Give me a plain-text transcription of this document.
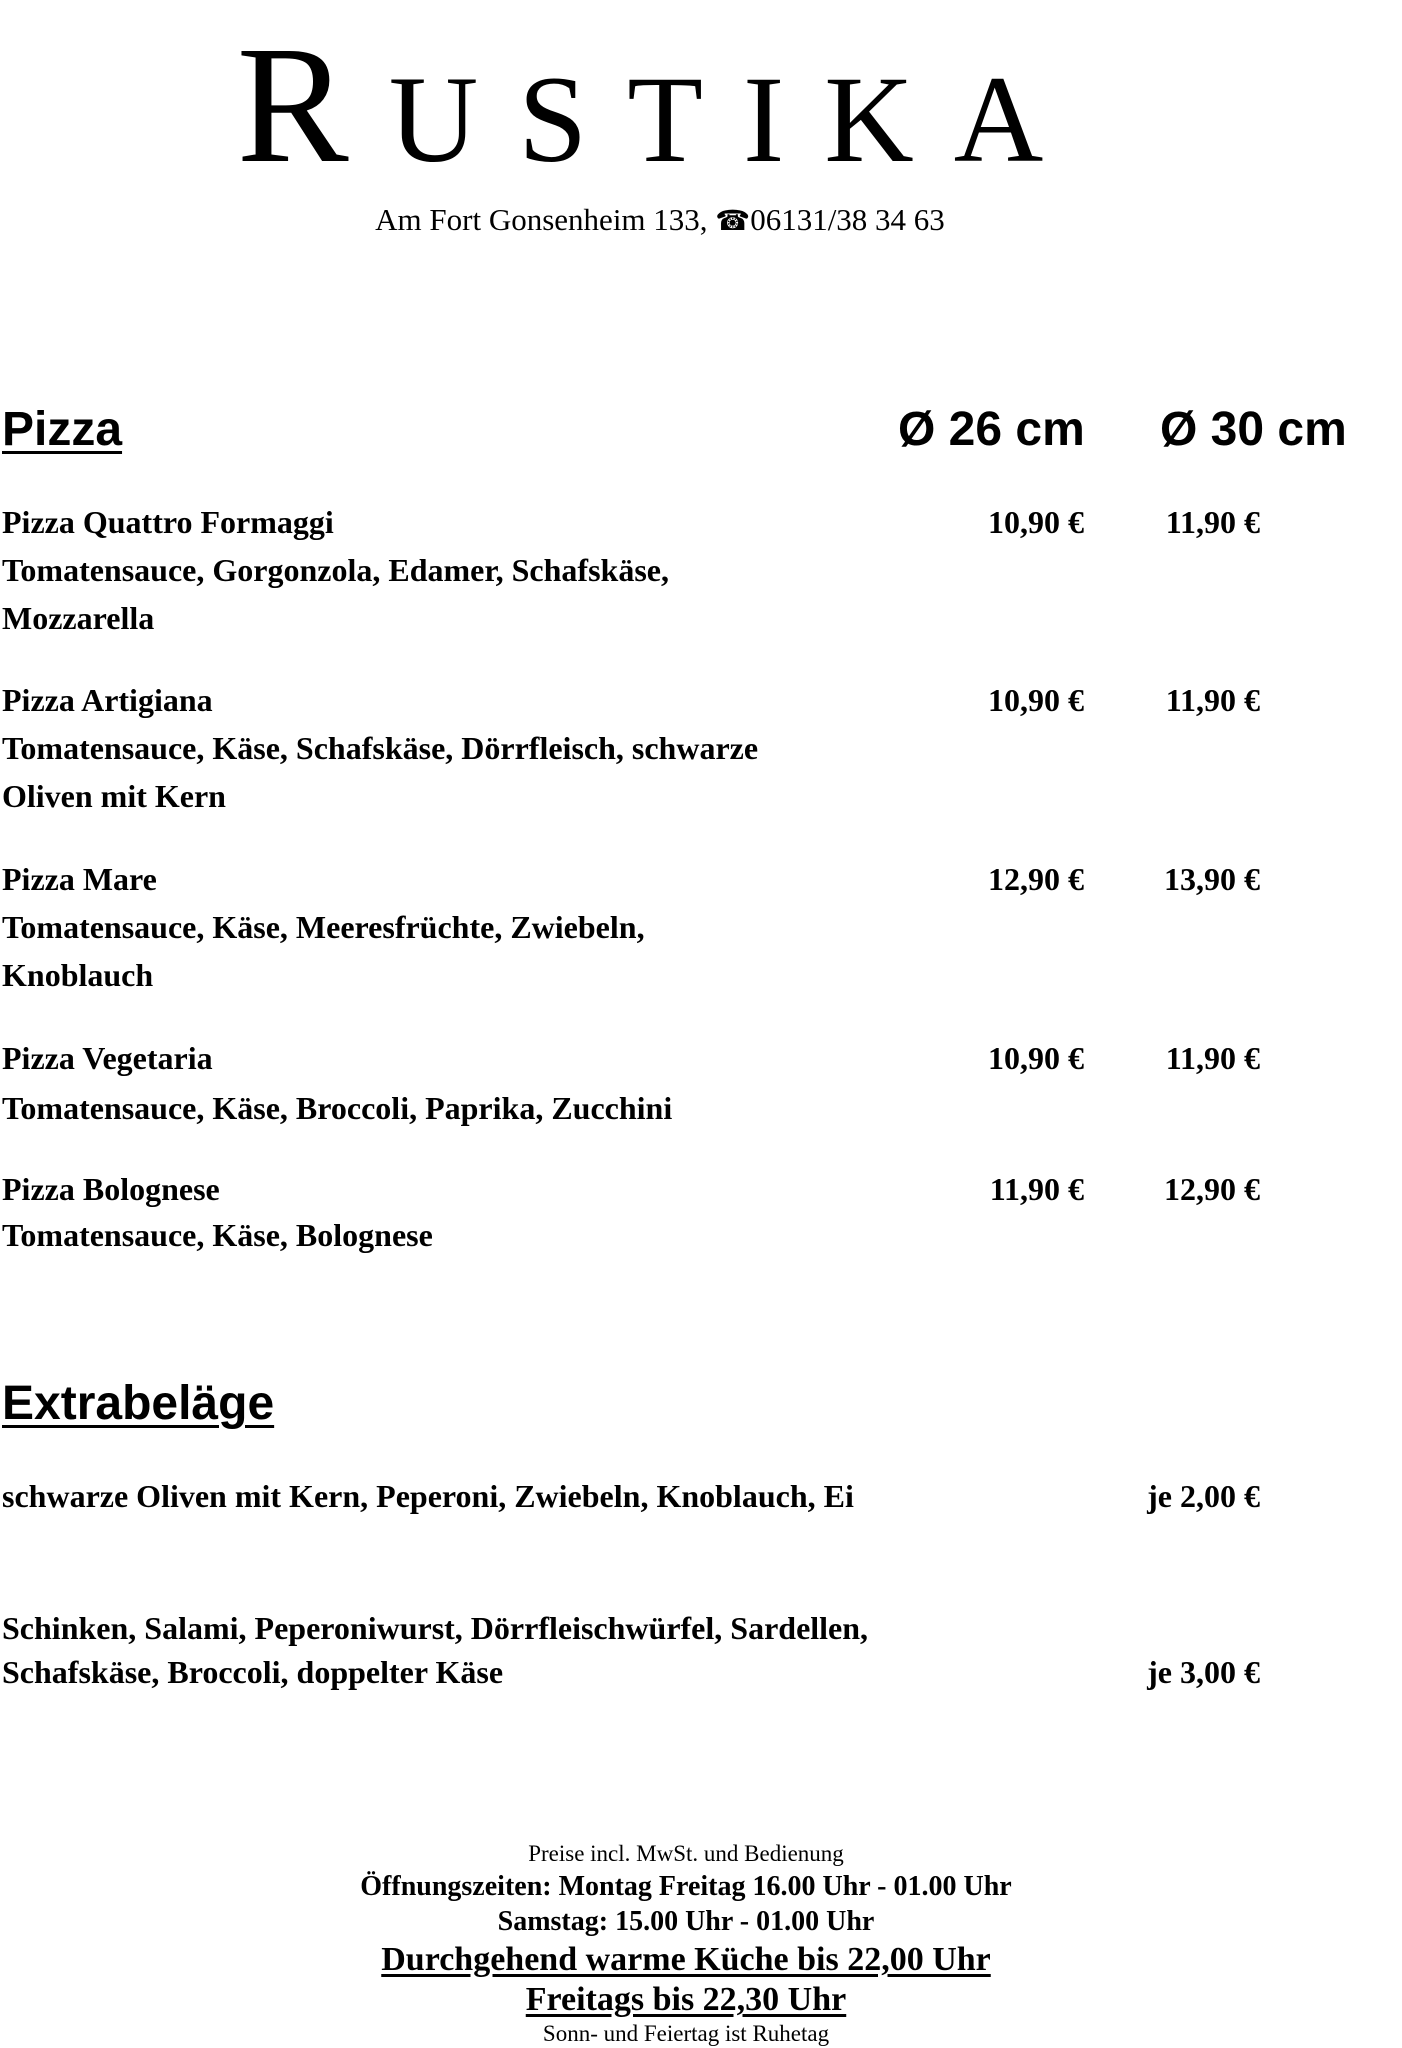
RUSTIKA
Am Fort Gonsenheim 133, ☎06131/38 34 63
Pizza	Ø 26 cm Ø 30 cm
Pizza Quattro Formaggi	10,90 €	11,90 €
Tomatensauce, Gorgonzola, Edamer, Schafskäse,
Mozzarella
Pizza Artigiana	10,90 €	11,90 €
Tomatensauce, Käse, Schafskäse, Dörrfleisch, schwarze
Oliven mit Kern
Pizza Mare	12,90 €	13,90 €
Tomatensauce, Käse, Meeresfrüchte, Zwiebeln,
Knoblauch
Pizza Vegetaria	10,90 €	11,90 €
Tomatensauce, Käse, Broccoli, Paprika, Zucchini
Pizza Bolognese	11,90 €	12,90 €
Tomatensauce, Käse, Bolognese
Extrabeläge
schwarze Oliven mit Kern, Peperoni, Zwiebeln, Knoblauch, Ei	je 2,00 €
Schinken, Salami, Peperoniwurst, Dörrfleischwürfel, Sardellen,
Schafskäse, Broccoli, doppelter Käse	je 3,00 €
Preise incl. MwSt. und Bedienung
Öffnungszeiten: Montag Freitag 16.00 Uhr - 01.00 Uhr
Samstag: 15.00 Uhr - 01.00 Uhr
Durchgehend warme Küche bis 22,00 Uhr
Freitags bis 22,30 Uhr
Sonn- und Feiertag ist Ruhetag
